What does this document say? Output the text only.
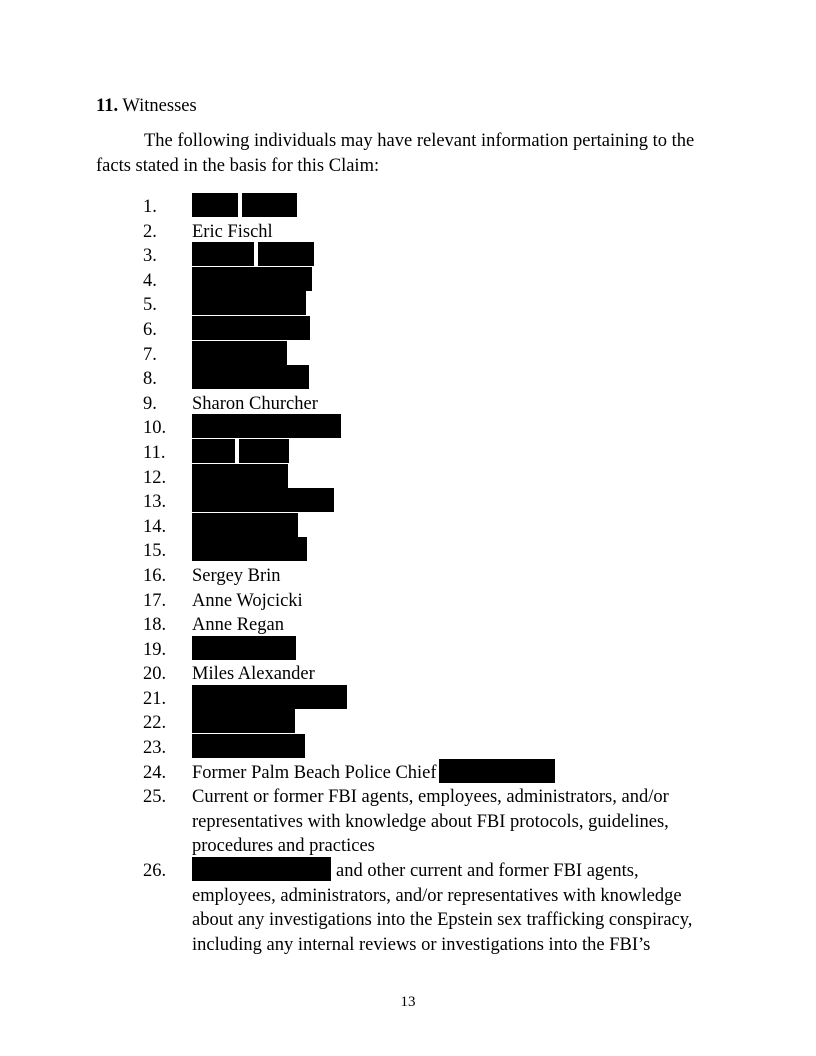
11. Witnesses
The following individuals may have relevant information pertaining to the
facts stated in the basis for this Claim:
1.
2. Eric Fischl
3.
4.
5.
6.
7.
8.
9. Sharon Churcher
10.
11.
12.
13.
14.
15.
16. Sergey Brin
17. Anne Wojcicki
18. Anne Regan
19.
20. Miles Alexander
21.
22.
23.
24. Former Palm Beach Police Chief
25. Current or former FBI agents, employees, administrators, and/or
representatives with knowledge about FBI protocols, guidelines,
procedures and practices
26.	and other current and former FBI agents,
employees, administrators, and/or representatives with knowledge
about any investigations into the Epstein sex trafficking conspiracy,
including any internal reviews or investigations into the FBI’s
13
